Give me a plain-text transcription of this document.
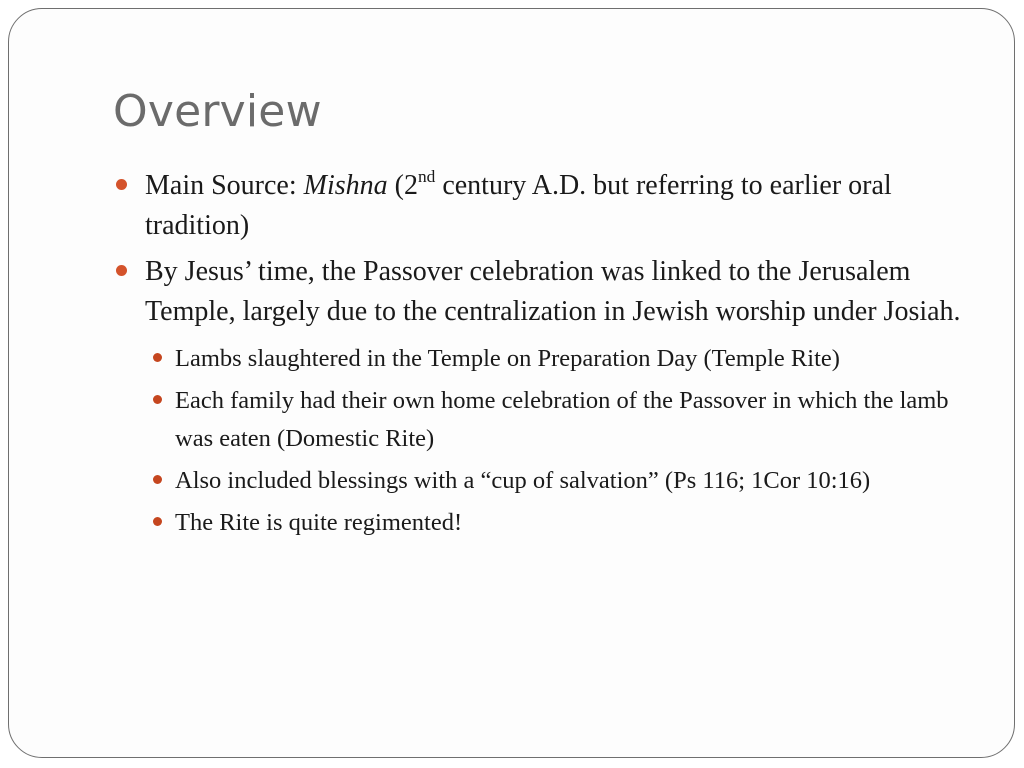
Overview
Main Source: Mishna (2nd century A.D. but referring to earlier oral tradition)
By Jesus’ time, the Passover celebration was linked to the Jerusalem Temple, largely due to the centralization in Jewish worship under Josiah.
Lambs slaughtered in the Temple on Preparation Day (Temple Rite)
Each family had their own home celebration of the Passover in which the lamb was eaten (Domestic Rite)
Also included blessings with a “cup of salvation” (Ps 116; 1Cor 10:16)
The Rite is quite regimented!
